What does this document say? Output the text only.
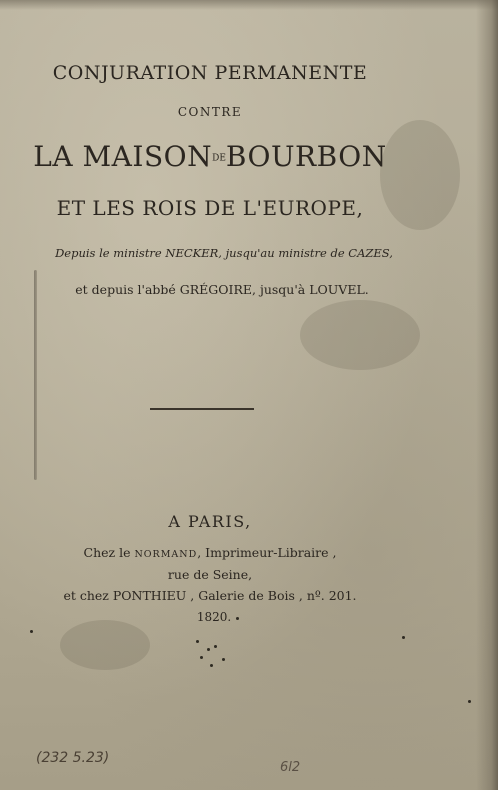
CONJURATION PERMANENTE
CONTRE
LA MAISONDEBOURBON
ET LES ROIS DE L'EUROPE,
Depuis le ministre NECKER, jusqu'au ministre de CAZES,
et depuis l'abbé GRÉGOIRE, jusqu'à LOUVEL.
A PARIS,
Chez le NORMAND, Imprimeur-Libraire ,
rue de Seine,
et chez PONTHIEU , Galerie de Bois , nº. 201.
1820.
(232 5.23)
6l2
